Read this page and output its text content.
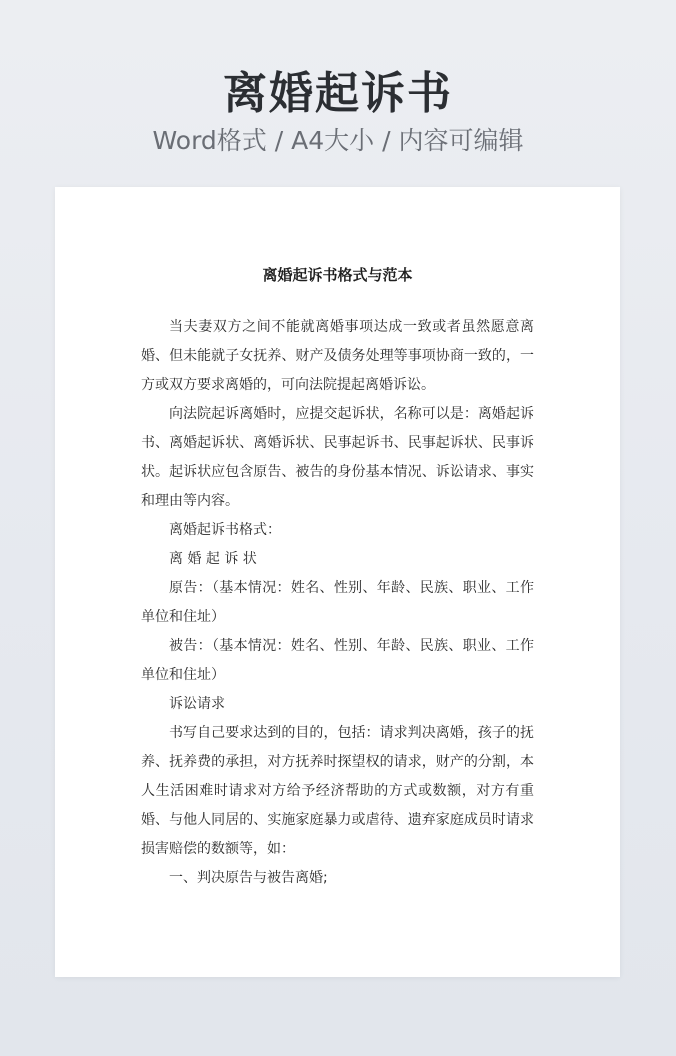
离婚起诉书
Word格式 / A4大小 / 内容可编辑
离婚起诉书格式与范本

当夫妻双方之间不能就离婚事项达成一致或者虽然愿意离婚、但未能就子女抚养、财产及债务处理等事项协商一致的，一方或双方要求离婚的，可向法院提起离婚诉讼。

向法院起诉离婚时，应提交起诉状，名称可以是：离婚起诉书、离婚起诉状、离婚诉状、民事起诉书、民事起诉状、民事诉状。起诉状应包含原告、被告的身份基本情况、诉讼请求、事实和理由等内容。

离婚起诉书格式：

离 婚 起 诉 状

原告：（基本情况：姓名、性别、年龄、民族、职业、工作单位和住址）

被告：（基本情况：姓名、性别、年龄、民族、职业、工作单位和住址）

诉讼请求

书写自己要求达到的目的，包括：请求判决离婚，孩子的抚养、抚养费的承担，对方抚养时探望权的请求，财产的分割，本人生活困难时请求对方给予经济帮助的方式或数额，对方有重婚、与他人同居的、实施家庭暴力或虐待、遗弃家庭成员时请求损害赔偿的数额等，如：

一、判决原告与被告离婚;
